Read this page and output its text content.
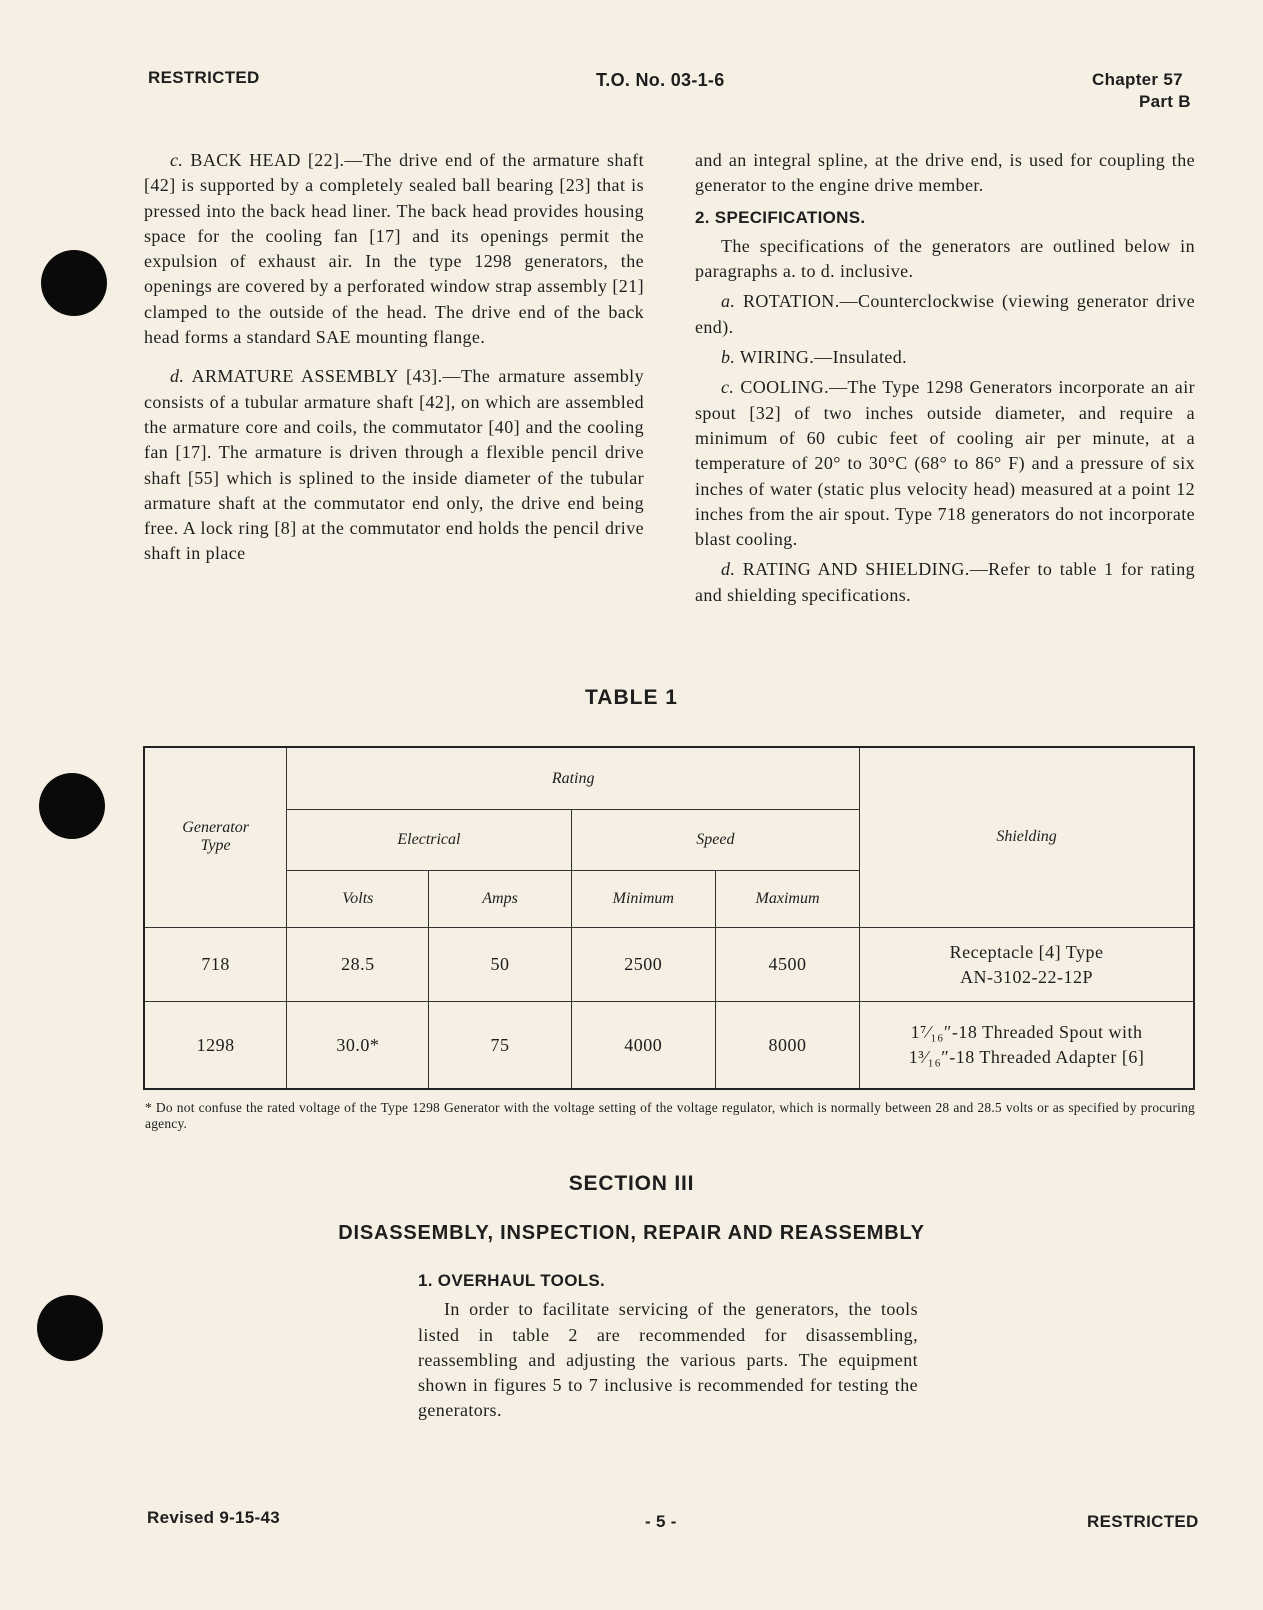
RESTRICTED	T.O. No. 03-1-6	Chapter 57
Part B

c. BACK HEAD [22].—The drive end of the armature shaft [42] is supported by a completely sealed ball bearing [23] that is pressed into the back head liner. The back head provides housing space for the cooling fan [17] and its openings permit the expulsion of exhaust air. In the type 1298 generators, the openings are covered by a perforated window strap assembly [21] clamped to the outside of the head. The drive end of the back head forms a standard SAE mounting flange.

d. ARMATURE ASSEMBLY [43].—The armature assembly consists of a tubular armature shaft [42], on which are assembled the armature core and coils, the commutator [40] and the cooling fan [17]. The armature is driven through a flexible pencil drive shaft [55] which is splined to the inside diameter of the tubular armature shaft at the commutator end only, the drive end being free. A lock ring [8] at the commutator end holds the pencil drive shaft in place

and an integral spline, at the drive end, is used for coupling the generator to the engine drive member.

2. SPECIFICATIONS.

The specifications of the generators are outlined below in paragraphs a. to d. inclusive.

a. ROTATION.—Counterclockwise (viewing generator drive end).

b. WIRING.—Insulated.

c. COOLING.—The Type 1298 Generators incorporate an air spout [32] of two inches outside diameter, and require a minimum of 60 cubic feet of cooling air per minute, at a temperature of 20° to 30°C (68° to 86° F) and a pressure of six inches of water (static plus velocity head) measured at a point 12 inches from the air spout. Type 718 generators do not incorporate blast cooling.

d. RATING AND SHIELDING.—Refer to table 1 for rating and shielding specifications.

TABLE 1
Generator
Type	Rating				Shielding
	Electrical		Speed		
	Volts	Amps	Minimum	Maximum	
718	28.5	50	2500	4500	Receptacle [4] Type
AN-3102-22-12P
1298	30.0*	75	4000	8000	1⁷⁄₁₆″-18 Threaded Spout with
1³⁄₁₆″-18 Threaded Adapter [6]
* Do not confuse the rated voltage of the Type 1298 Generator with the voltage setting of the voltage regulator, which is normally between 28 and 28.5 volts or as specified by procuring agency.
SECTION III
DISASSEMBLY, INSPECTION, REPAIR AND REASSEMBLY
1. OVERHAUL TOOLS.

In order to facilitate servicing of the generators, the tools listed in table 2 are recommended for disassembling, reassembling and adjusting the various parts. The equipment shown in figures 5 to 7 inclusive is recommended for testing the generators.

Revised 9-15-43	- 5 -	RESTRICTED
